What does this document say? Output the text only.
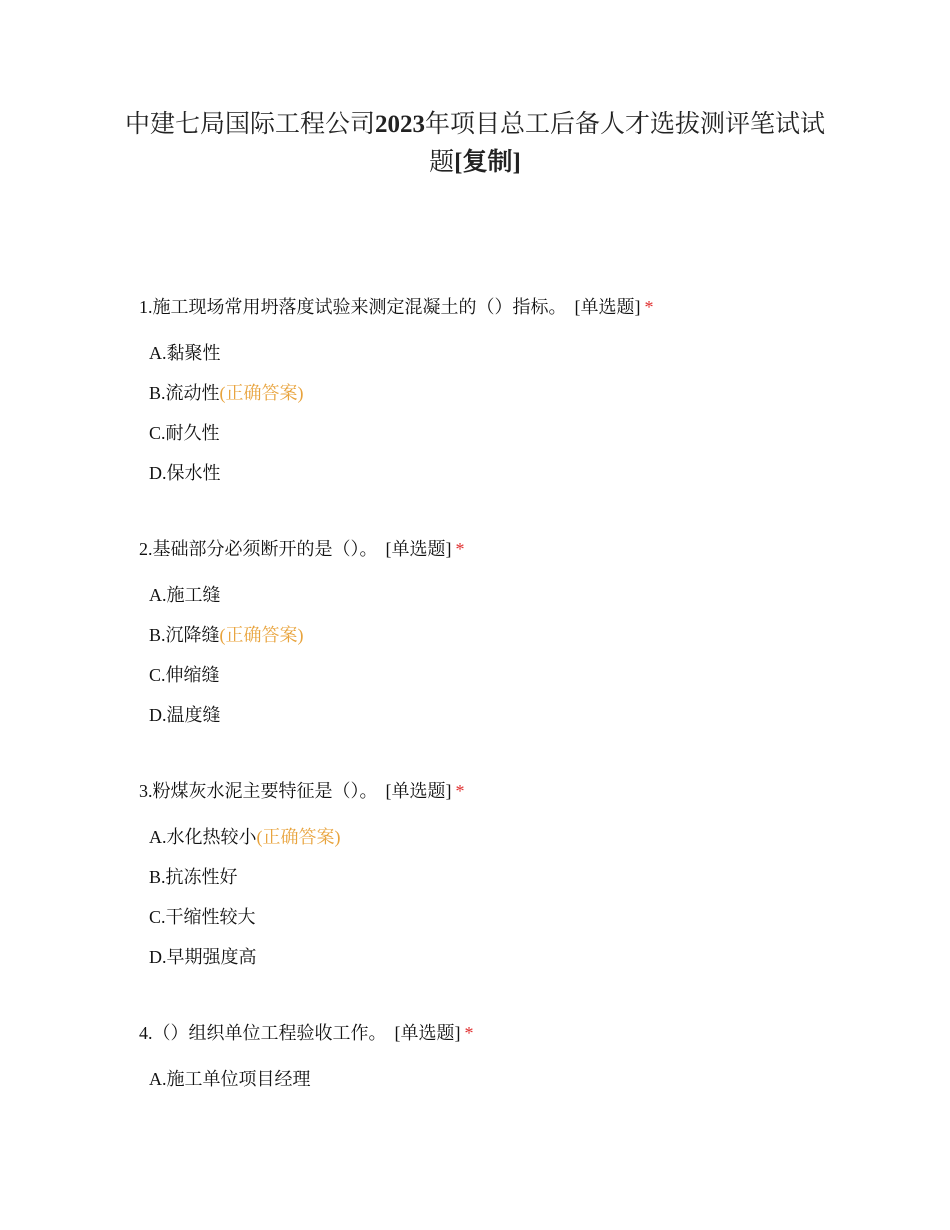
中建七局国际工程公司2023年项目总工后备人才选拔测评笔试试题[复制]
1.施工现场常用坍落度试验来测定混凝土的（）指标。 [单选题] *
A.黏聚性
B.流动性(正确答案)
C.耐久性
D.保水性
2.基础部分必须断开的是（）。 [单选题] *
A.施工缝
B.沉降缝(正确答案)
C.伸缩缝
D.温度缝
3.粉煤灰水泥主要特征是（）。 [单选题] *
A.水化热较小(正确答案)
B.抗冻性好
C.干缩性较大
D.早期强度高
4.（）组织单位工程验收工作。 [单选题] *
A.施工单位项目经理
